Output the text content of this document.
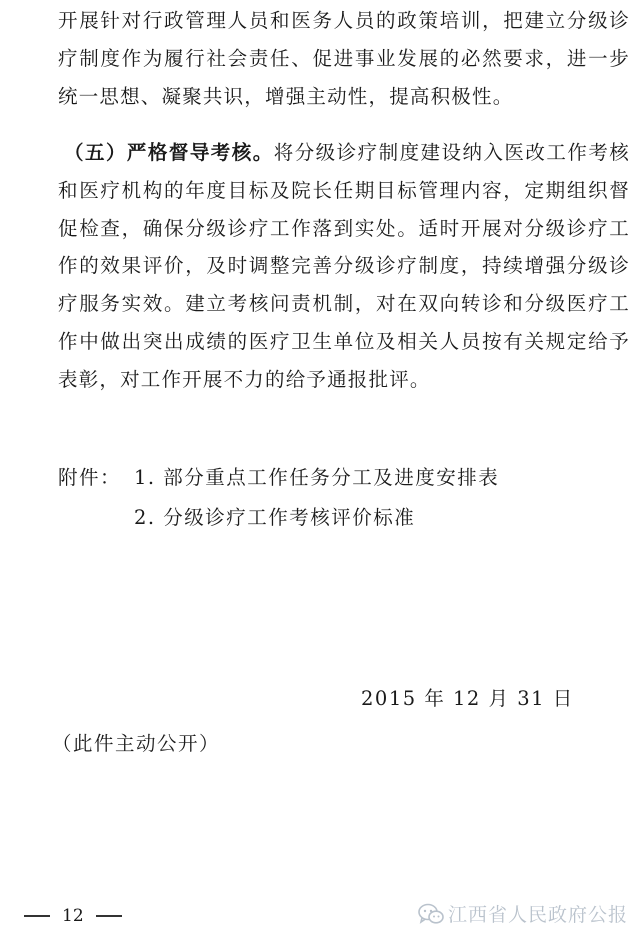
开展针对行政管理人员和医务人员的政策培训，把建立分级诊疗制度作为履行社会责任、促进事业发展的必然要求，进一步统一思想、凝聚共识，增强主动性，提高积极性。

（五）严格督导考核。将分级诊疗制度建设纳入医改工作考核和医疗机构的年度目标及院长任期目标管理内容，定期组织督促检查，确保分级诊疗工作落到实处。适时开展对分级诊疗工作的效果评价，及时调整完善分级诊疗制度，持续增强分级诊疗服务实效。建立考核问责机制，对在双向转诊和分级医疗工作中做出突出成绩的医疗卫生单位及相关人员按有关规定给予表彰，对工作开展不力的给予通报批评。

附件： 1. 部分重点工作任务分工及进度安排表
2. 分级诊疗工作考核评价标准
2015 年 12 月 31 日
（此件主动公开）
12	江西省人民政府公报
